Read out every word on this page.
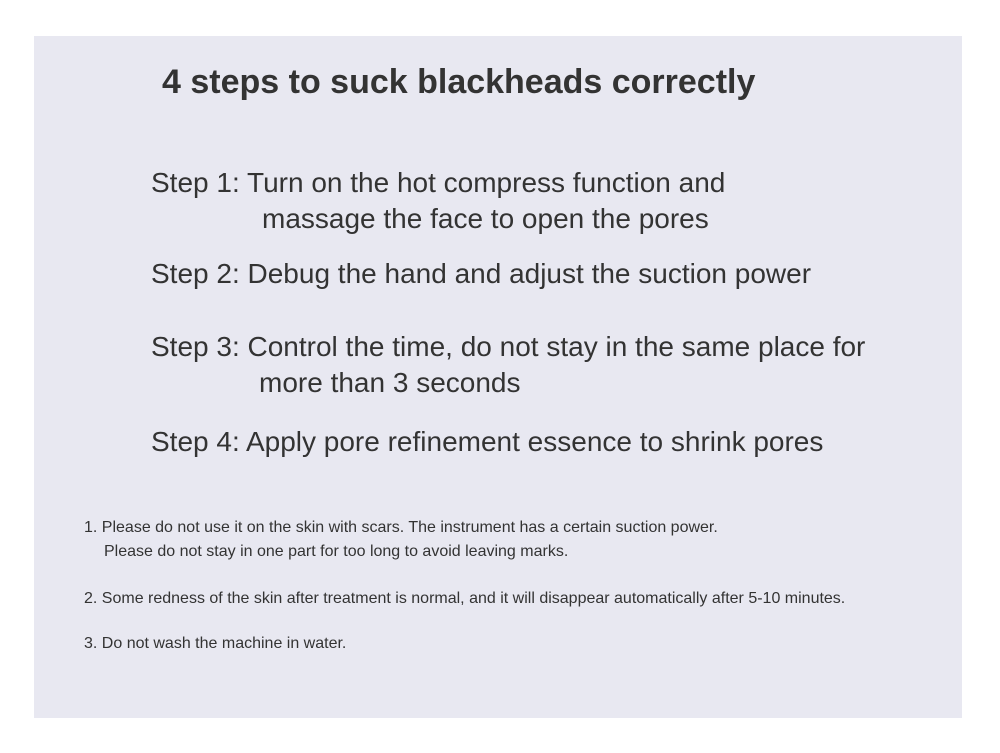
4 steps to suck blackheads correctly
Step 1: Turn on the hot compress function and
massage the face to open the pores
Step 2: Debug the hand and adjust the suction power
Step 3: Control the time, do not stay in the same place for
more than 3 seconds
Step 4: Apply pore refinement essence to shrink pores
1. Please do not use it on the skin with scars. The instrument has a certain suction power.
Please do not stay in one part for too long to avoid leaving marks.
2. Some redness of the skin after treatment is normal, and it will disappear automatically after 5-10 minutes.
3. Do not wash the machine in water.
